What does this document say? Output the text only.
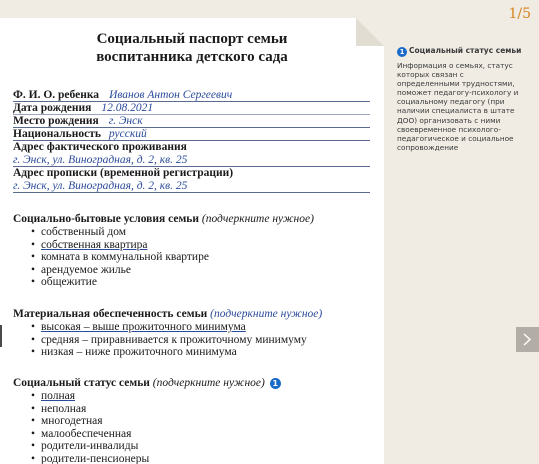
1/5
Социальный паспорт семьи
воспитанника детского сада
Ф. И. О. ребенка Иванов Антон Сергеевич
Дата рождения 12.08.2021
Место рождения г. Энск
Национальность русский
Адрес фактического проживания
г. Энск, ул. Виноградная, д. 2, кв. 25
Адрес прописки (временной регистрации)
г. Энск, ул. Виноградная, д. 2, кв. 25
Социально-бытовые условия семьи (подчеркните нужное)
• собственный дом
• собственная квартира
• комната в коммунальной квартире
• арендуемое жилье
• общежитие
Материальная обеспеченность семьи (подчеркните нужное)
• высокая – выше прожиточного минимума
• средняя – приравнивается к прожиточному минимуму
• низкая – ниже прожиточного минимума
Социальный статус семьи (подчеркните нужное) 1
• полная
• неполная
• многодетная
• малообеспеченная
• родители-инвалиды
• родители-пенсионеры
1 Социальный статус семьи
Информация о семьях, статус которых связан с определенными трудностями, поможет педагогу-психологу и социальному педагогу (при наличии специалиста в штате ДОО) организовать с ними своевременное психолого-педагогическое и социальное сопровождение
